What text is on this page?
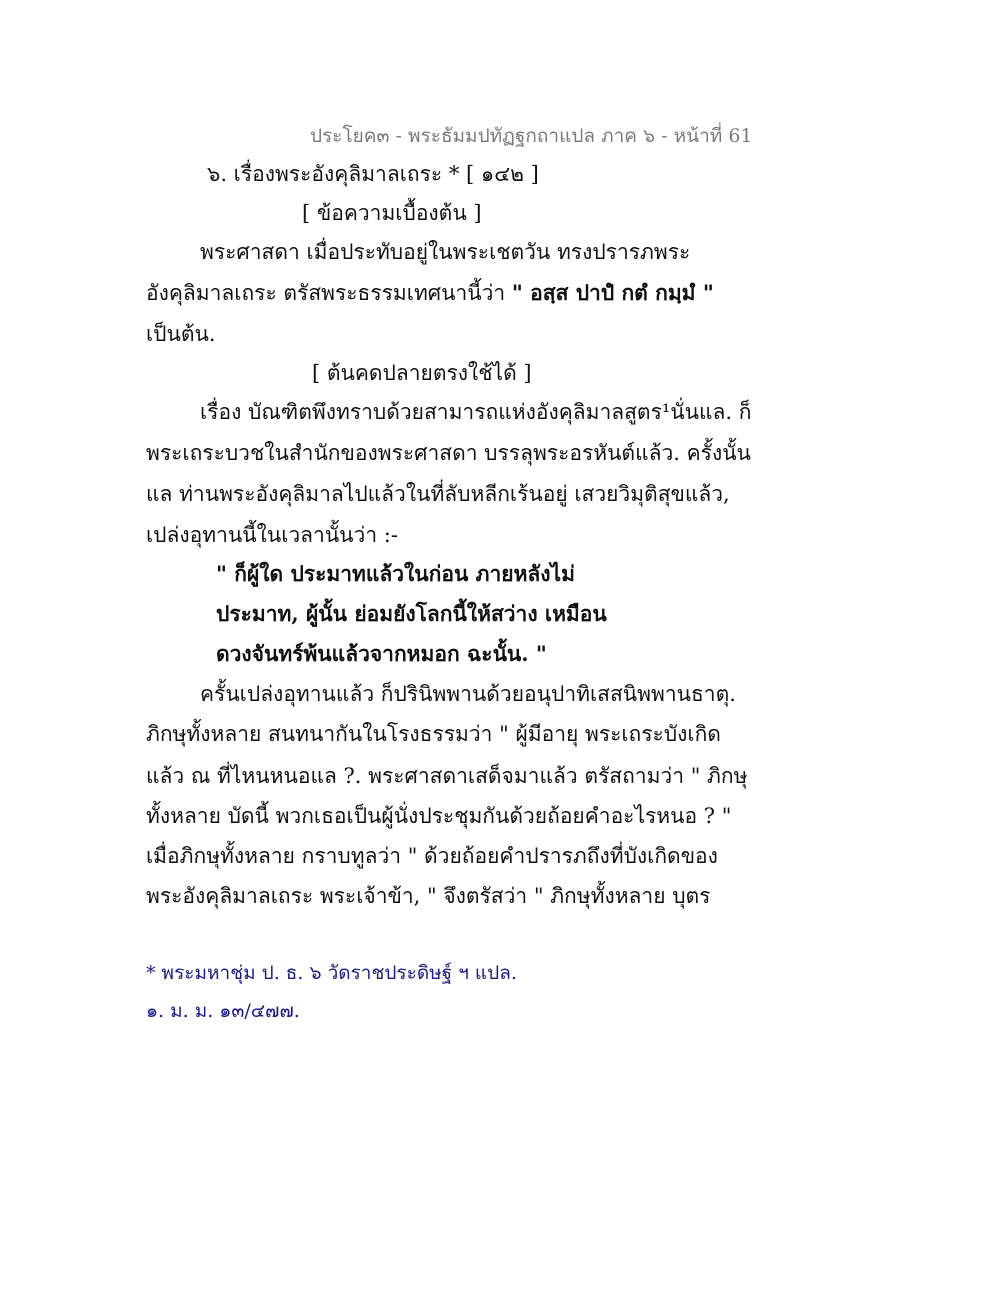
ประโยค๓ - พระธัมมปทัฏฐกถาแปล ภาค ๖ - หน้าที่ 61
๖. เรื่องพระอังคุลิมาลเถระ * [ ๑๔๒ ]
[ ข้อความเบื้องต้น ]
พระศาสดา เมื่อประทับอยู่ในพระเชตวัน ทรงปรารภพระ
อังคุลิมาลเถระ ตรัสพระธรรมเทศนานี้ว่า " อสฺส ปาปํ กตํ กมฺมํ "
เป็นต้น.
[ ต้นคดปลายตรงใช้ได้ ]
เรื่อง บัณฑิตพึงทราบด้วยสามารถแห่งอังคุลิมาลสูตร¹นั่นแล. ก็
พระเถระบวชในสำนักของพระศาสดา บรรลุพระอรหันต์แล้ว. ครั้งนั้น
แล ท่านพระอังคุลิมาลไปแล้วในที่ลับหลีกเร้นอยู่ เสวยวิมุติสุขแล้ว,
เปล่งอุทานนี้ในเวลานั้นว่า :-
" ก็ผู้ใด ประมาทแล้วในก่อน ภายหลังไม่
ประมาท, ผู้นั้น ย่อมยังโลกนี้ให้สว่าง เหมือน
ดวงจันทร์พ้นแล้วจากหมอก ฉะนั้น. "
ครั้นเปล่งอุทานแล้ว ก็ปรินิพพานด้วยอนุปาทิเสสนิพพานธาตุ.
ภิกษุทั้งหลาย สนทนากันในโรงธรรมว่า " ผู้มีอายุ พระเถระบังเกิด
แล้ว ณ ที่ไหนหนอแล ?. พระศาสดาเสด็จมาแล้ว ตรัสถามว่า " ภิกษุ
ทั้งหลาย บัดนี้ พวกเธอเป็นผู้นั่งประชุมกันด้วยถ้อยคำอะไรหนอ ? "
เมื่อภิกษุทั้งหลาย กราบทูลว่า " ด้วยถ้อยคำปรารภถึงที่บังเกิดของ
พระอังคุลิมาลเถระ พระเจ้าข้า, " จึงตรัสว่า " ภิกษุทั้งหลาย บุตร
* พระมหาชุ่ม ป. ธ. ๖ วัดราชประดิษฐ์ ฯ แปล.
๑. ม. ม. ๑๓/๔๗๗.
